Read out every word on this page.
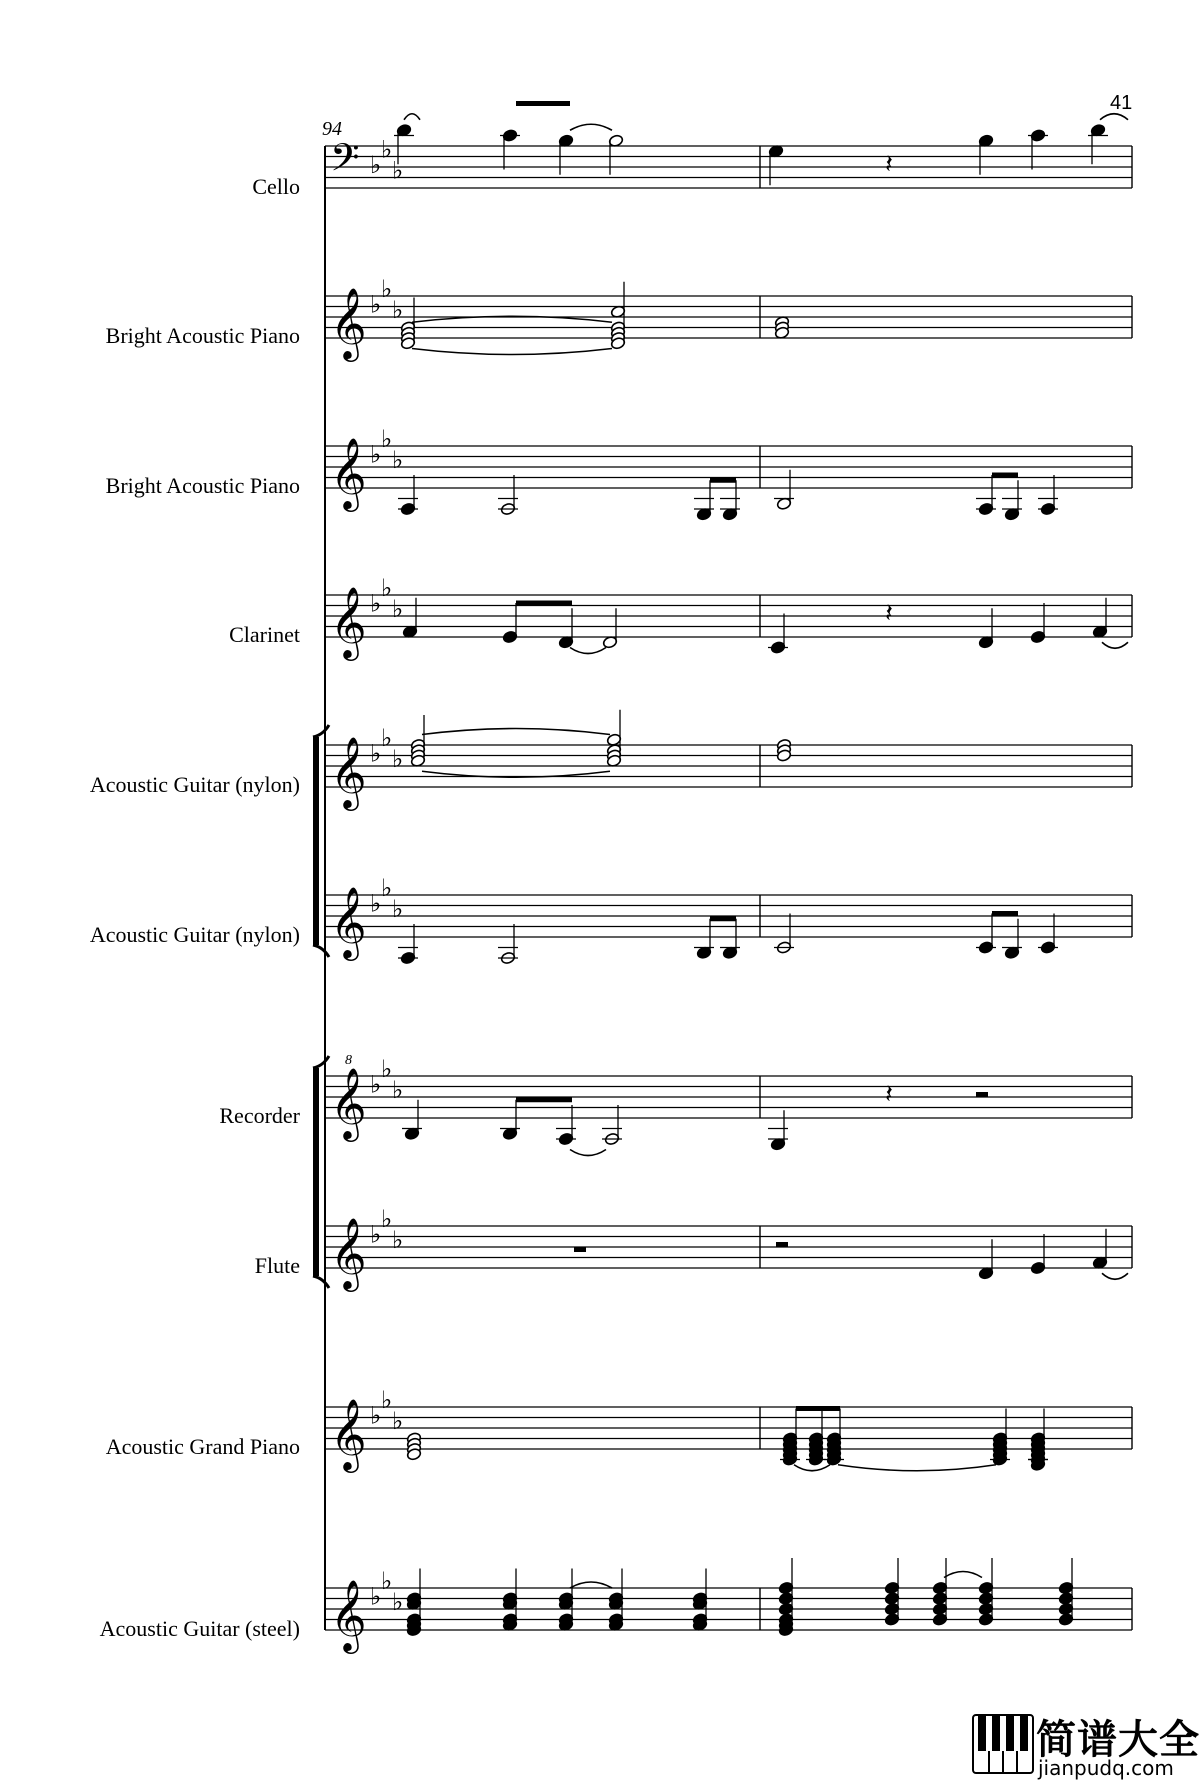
𝄢 ♭
♭
♭
𝄞 ♭
♭
♭
𝄞 ♭
♭
♭
𝄞 ♭
♭
♭
𝄞 ♭
♭
♭
𝄞 ♭
♭
♭
𝄞
8
♭
♭
♭
𝄞 ♭
♭
♭
𝄞 ♭
♭
♭
𝄞 ♭
♭
♭
𝄽
𝄽
𝄽
41
94
Cello
Bright Acoustic Piano
Bright Acoustic Piano
Clarinet
Acoustic Guitar (nylon)
Acoustic Guitar (nylon)
Recorder
Flute
Acoustic Grand Piano
Acoustic Guitar (steel)
简谱大全
jianpudq.com
